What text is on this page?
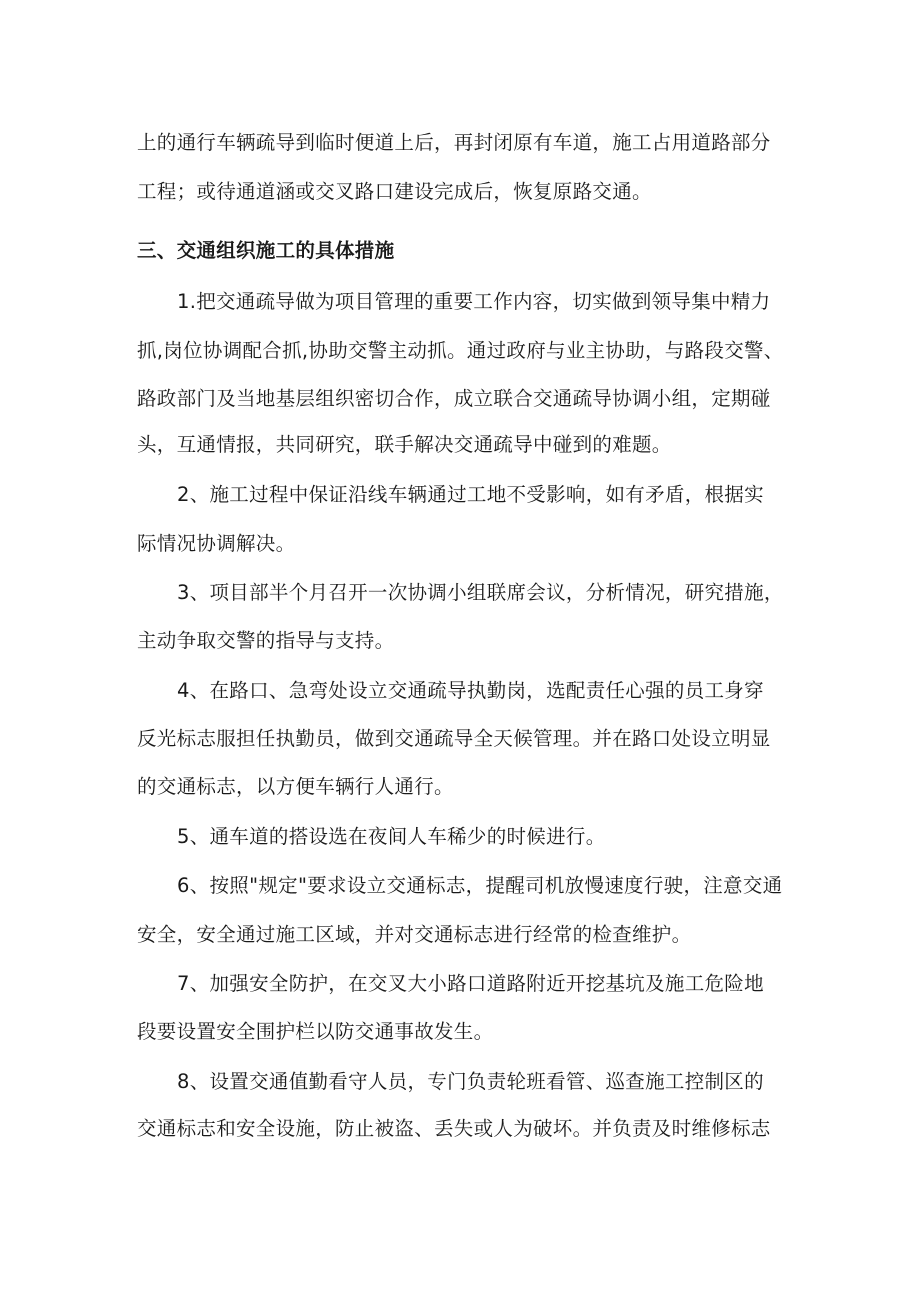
上的通行车辆疏导到临时便道上后，再封闭原有车道，施工占用道路部分
工程；或待通道涵或交叉路口建设完成后，恢复原路交通。
三、交通组织施工的具体措施
1.把交通疏导做为项目管理的重要工作内容，切实做到领导集中精力
抓,岗位协调配合抓,协助交警主动抓。通过政府与业主协助，与路段交警、
路政部门及当地基层组织密切合作，成立联合交通疏导协调小组，定期碰
头，互通情报，共同研究，联手解决交通疏导中碰到的难题。
2、施工过程中保证沿线车辆通过工地不受影响，如有矛盾，根据实
际情况协调解决。
3、项目部半个月召开一次协调小组联席会议，分析情况，研究措施，
主动争取交警的指导与支持。
4、在路口、急弯处设立交通疏导执勤岗，选配责任心强的员工身穿
反光标志服担任执勤员，做到交通疏导全天候管理。并在路口处设立明显
的交通标志，以方便车辆行人通行。
5、通车道的搭设选在夜间人车稀少的时候进行。
6、按照"规定"要求设立交通标志，提醒司机放慢速度行驶，注意交通
安全，安全通过施工区域，并对交通标志进行经常的检查维护。
7、加强安全防护，在交叉大小路口道路附近开挖基坑及施工危险地
段要设置安全围护栏以防交通事故发生。
8、设置交通值勤看守人员，专门负责轮班看管、巡查施工控制区的
交通标志和安全设施，防止被盗、丢失或人为破坏。并负责及时维修标志
